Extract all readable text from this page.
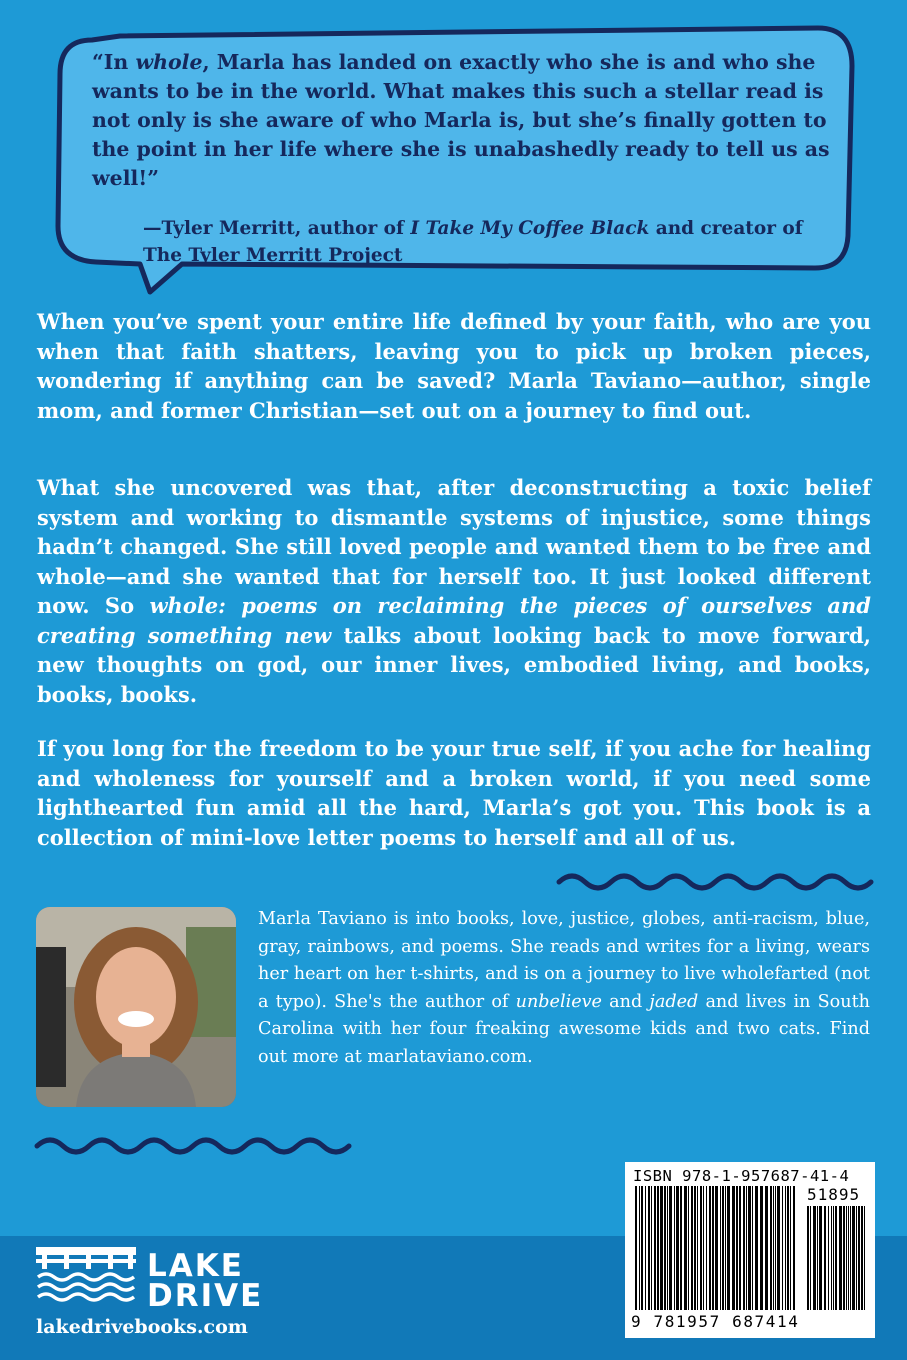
“In whole, Marla has landed on exactly who she is and who she wants to be in the world. What makes this such a stellar read is not only is she aware of who Marla is, but she’s finally gotten to the point in her life where she is unabashedly ready to tell us as well!”

—Tyler Merritt, author of I Take My Coffee Black and creator of The Tyler Merritt Project

When you’ve spent your entire life defined by your faith, who are you when that faith shatters, leaving you to pick up broken pieces, wondering if anything can be saved? Marla Taviano—author, single mom, and former Christian—set out on a journey to find out.

What she uncovered was that, after deconstructing a toxic belief system and working to dismantle systems of injustice, some things hadn’t changed. She still loved people and wanted them to be free and whole—and she wanted that for herself too. It just looked different now. So whole: poems on reclaiming the pieces of ourselves and creating something new talks about looking back to move forward, new thoughts on god, our inner lives, embodied living, and books, books, books.

If you long for the freedom to be your true self, if you ache for healing and wholeness for yourself and a broken world, if you need some lighthearted fun amid all the hard, Marla’s got you. This book is a collection of mini-love letter poems to herself and all of us.

Marla Taviano is into books, love, justice, globes, anti-racism, blue, gray, rainbows, and poems. She reads and writes for a living, wears her heart on her t-shirts, and is on a journey to live wholefarted (not a typo). She's the author of unbelieve and jaded and lives in South Carolina with her four freaking awesome kids and two cats. Find out more at marlataviano.com.

LAKE
DRIVE
lakedrivebooks.com
ISBN 978-1-957687-41-4
51895
9 781957 687414
